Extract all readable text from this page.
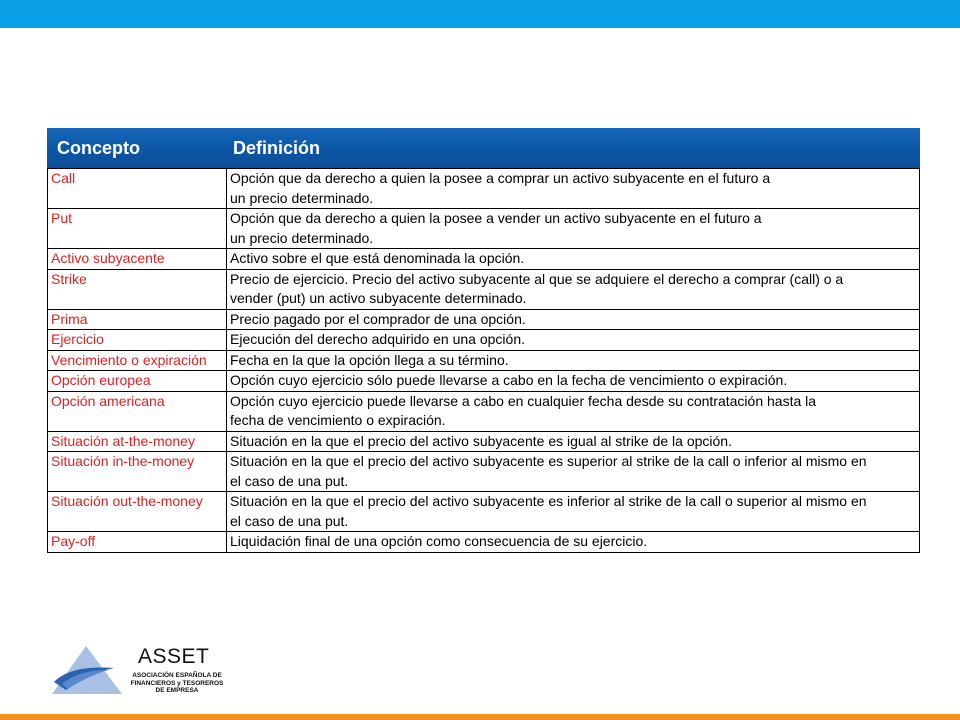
Concepto	Definición
Call	Opción que da derecho a quien la posee a comprar un activo subyacente en el futuro a
un precio determinado.

Put	Opción que da derecho a quien la posee a vender un activo subyacente en el futuro a
un precio determinado.

Activo subyacente	Activo sobre el que está denominada la opción.

Strike	Precio de ejercicio. Precio del activo subyacente al que se adquiere el derecho a comprar (call) o a
vender (put) un activo subyacente determinado.

Prima	Precio pagado por el comprador de una opción.

Ejercicio	Ejecución del derecho adquirido en una opción.

Vencimiento o expiración	Fecha en la que la opción llega a su término.

Opción europea	Opción cuyo ejercicio sólo puede llevarse a cabo en la fecha de vencimiento o expiración.

Opción americana	Opción cuyo ejercicio puede llevarse a cabo en cualquier fecha desde su contratación hasta la
fecha de vencimiento o expiración.

Situación at-the-money	Situación en la que el precio del activo subyacente es igual al strike de la opción.

Situación in-the-money	Situación en la que el precio del activo subyacente es superior al strike de la call o inferior al mismo en
el caso de una put.

Situación out-the-money	Situación en la que el precio del activo subyacente es inferior al strike de la call o superior al mismo en
el caso de una put.

Pay-off	Liquidación final de una opción como consecuencia de su ejercicio.
ASSET
ASOCIACIÓN ESPAÑOLA DE
FINANCIEROS y TESOREROS
DE EMPRESA
